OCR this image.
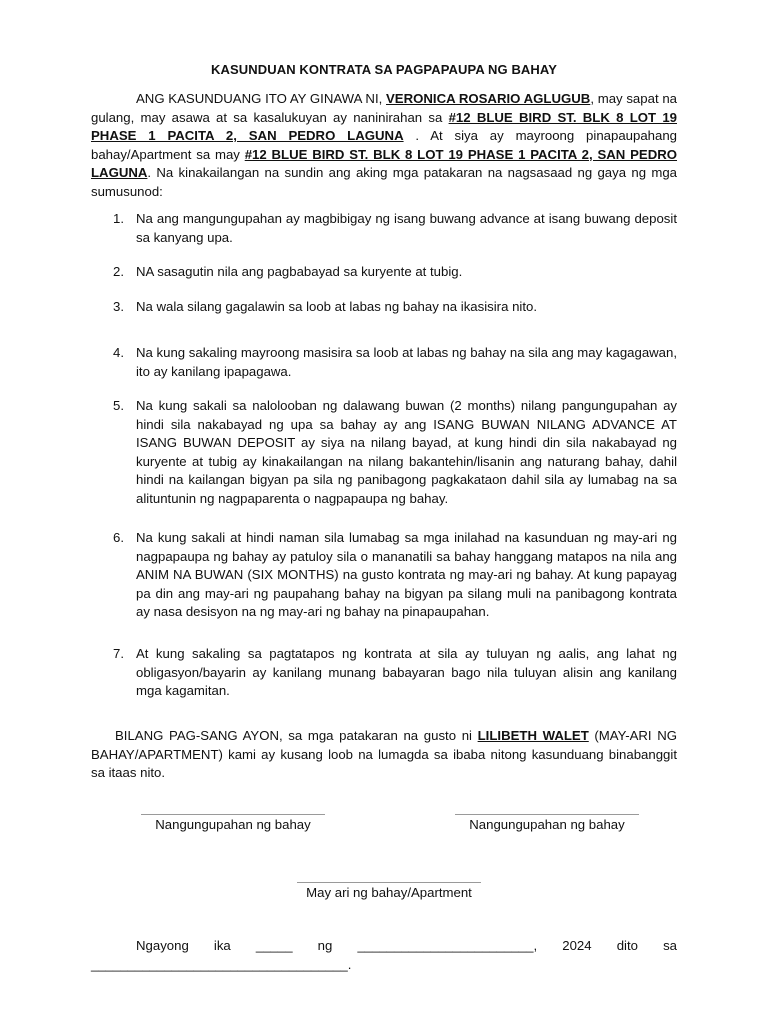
KASUNDUAN KONTRATA SA PAGPAPAUPA NG BAHAY

ANG KASUNDUANG ITO AY GINAWA NI, VERONICA ROSARIO AGLUGUB, may sapat na gulang, may asawa at sa kasalukuyan ay naninirahan sa #12 BLUE BIRD ST. BLK 8 LOT 19 PHASE 1 PACITA 2, SAN PEDRO LAGUNA . At siya ay mayroong pinapaupahang bahay/Apartment sa may #12 BLUE BIRD ST. BLK 8 LOT 19 PHASE 1 PACITA 2, SAN PEDRO LAGUNA. Na kinakailangan na sundin ang aking mga patakaran na nagsasaad ng gaya ng mga sumusunod:

1. Na ang mangungupahan ay magbibigay ng isang buwang advance at isang buwang deposit sa kanyang upa.
2. NA sasagutin nila ang pagbabayad sa kuryente at tubig.
3. Na wala silang gagalawin sa loob at labas ng bahay na ikasisira nito.
4. Na kung sakaling mayroong masisira sa loob at labas ng bahay na sila ang may kagagawan, ito ay kanilang ipapagawa.
5. Na kung sakali sa nalolooban ng dalawang buwan (2 months) nilang pangungupahan ay hindi sila nakabayad ng upa sa bahay ay ang ISANG BUWAN NILANG ADVANCE AT ISANG BUWAN DEPOSIT ay siya na nilang bayad, at kung hindi din sila nakabayad ng kuryente at tubig ay kinakailangan na nilang bakantehin/lisanin ang naturang bahay, dahil hindi na kailangan bigyan pa sila ng panibagong pagkakataon dahil sila ay lumabag na sa alituntunin ng nagpaparenta o nagpapaupa ng bahay.
6. Na kung sakali at hindi naman sila lumabag sa mga inilahad na kasunduan ng may-ari ng nagpapaupa ng bahay ay patuloy sila o mananatili sa bahay hanggang matapos na nila ang ANIM NA BUWAN (SIX MONTHS) na gusto kontrata ng may-ari ng bahay. At kung papayag pa din ang may-ari ng paupahang bahay na bigyan pa silang muli na panibagong kontrata ay nasa desisyon na ng may-ari ng bahay na pinapaupahan.
7. At kung sakaling sa pagtatapos ng kontrata at sila ay tuluyan ng aalis, ang lahat ng obligasyon/bayarin ay kanilang munang babayaran bago nila tuluyan alisin ang kanilang mga kagamitan.

BILANG PAG-SANG AYON, sa mga patakaran na gusto ni LILIBETH WALET (MAY-ARI NG BAHAY/APARTMENT) kami ay kusang loob na lumagda sa ibaba nitong kasunduang binabanggit sa itaas nito.

Nangungupahan ng bahay	Nangungupahan ng bahay
May ari ng bahay/Apartment
Ngayong ika _____ ng ________________________, 2024 dito sa
___________________________________.
